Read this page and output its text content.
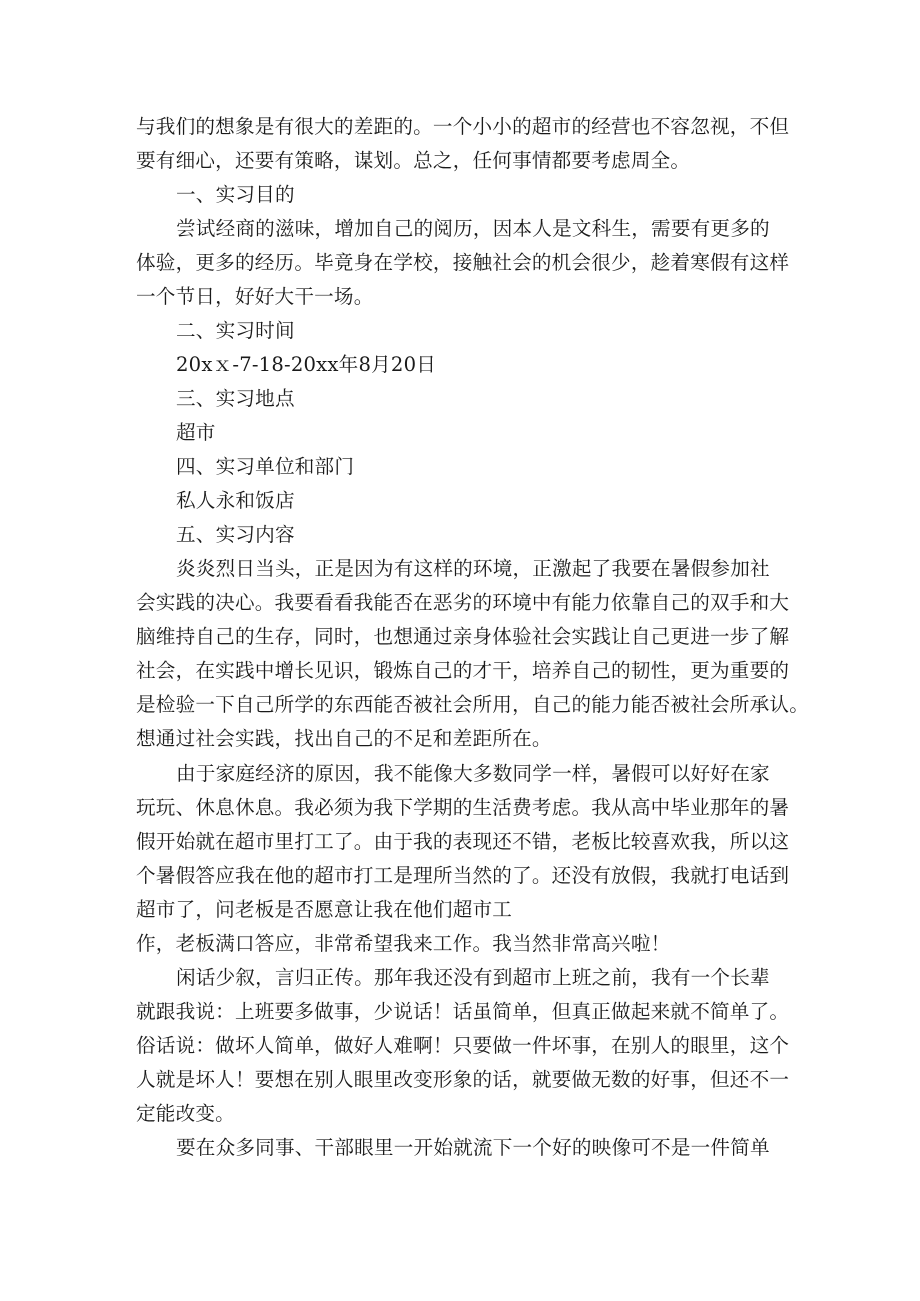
与我们的想象是有很大的差距的。一个小小的超市的经营也不容忽视，不但
要有细心，还要有策略，谋划。总之，任何事情都要考虑周全。
一、实习目的
尝试经商的滋味，增加自己的阅历，因本人是文科生，需要有更多的
体验，更多的经历。毕竟身在学校，接触社会的机会很少，趁着寒假有这样
一个节日，好好大干一场。
二、实习时间
20xｘ-7-18-20xx年8月20日
三、实习地点
超市
四、实习单位和部门
私人永和饭店
五、实习内容
炎炎烈日当头，正是因为有这样的环境，正激起了我要在暑假参加社
会实践的决心。我要看看我能否在恶劣的环境中有能力依靠自己的双手和大
脑维持自己的生存，同时，也想通过亲身体验社会实践让自己更进一步了解
社会，在实践中增长见识，锻炼自己的才干，培养自己的韧性，更为重要的
是检验一下自己所学的东西能否被社会所用，自己的能力能否被社会所承认。
想通过社会实践，找出自己的不足和差距所在。
由于家庭经济的原因，我不能像大多数同学一样，暑假可以好好在家
玩玩、休息休息。我必须为我下学期的生活费考虑。我从高中毕业那年的暑
假开始就在超市里打工了。由于我的表现还不错，老板比较喜欢我，所以这
个暑假答应我在他的超市打工是理所当然的了。还没有放假，我就打电话到
超市了，问老板是否愿意让我在他们超市工
作，老板满口答应，非常希望我来工作。我当然非常高兴啦！
闲话少叙，言归正传。那年我还没有到超市上班之前，我有一个长辈
就跟我说：上班要多做事，少说话！话虽简单，但真正做起来就不简单了。
俗话说：做坏人简单，做好人难啊！只要做一件坏事，在别人的眼里，这个
人就是坏人！要想在别人眼里改变形象的话，就要做无数的好事，但还不一
定能改变。
要在众多同事、干部眼里一开始就流下一个好的映像可不是一件简单
